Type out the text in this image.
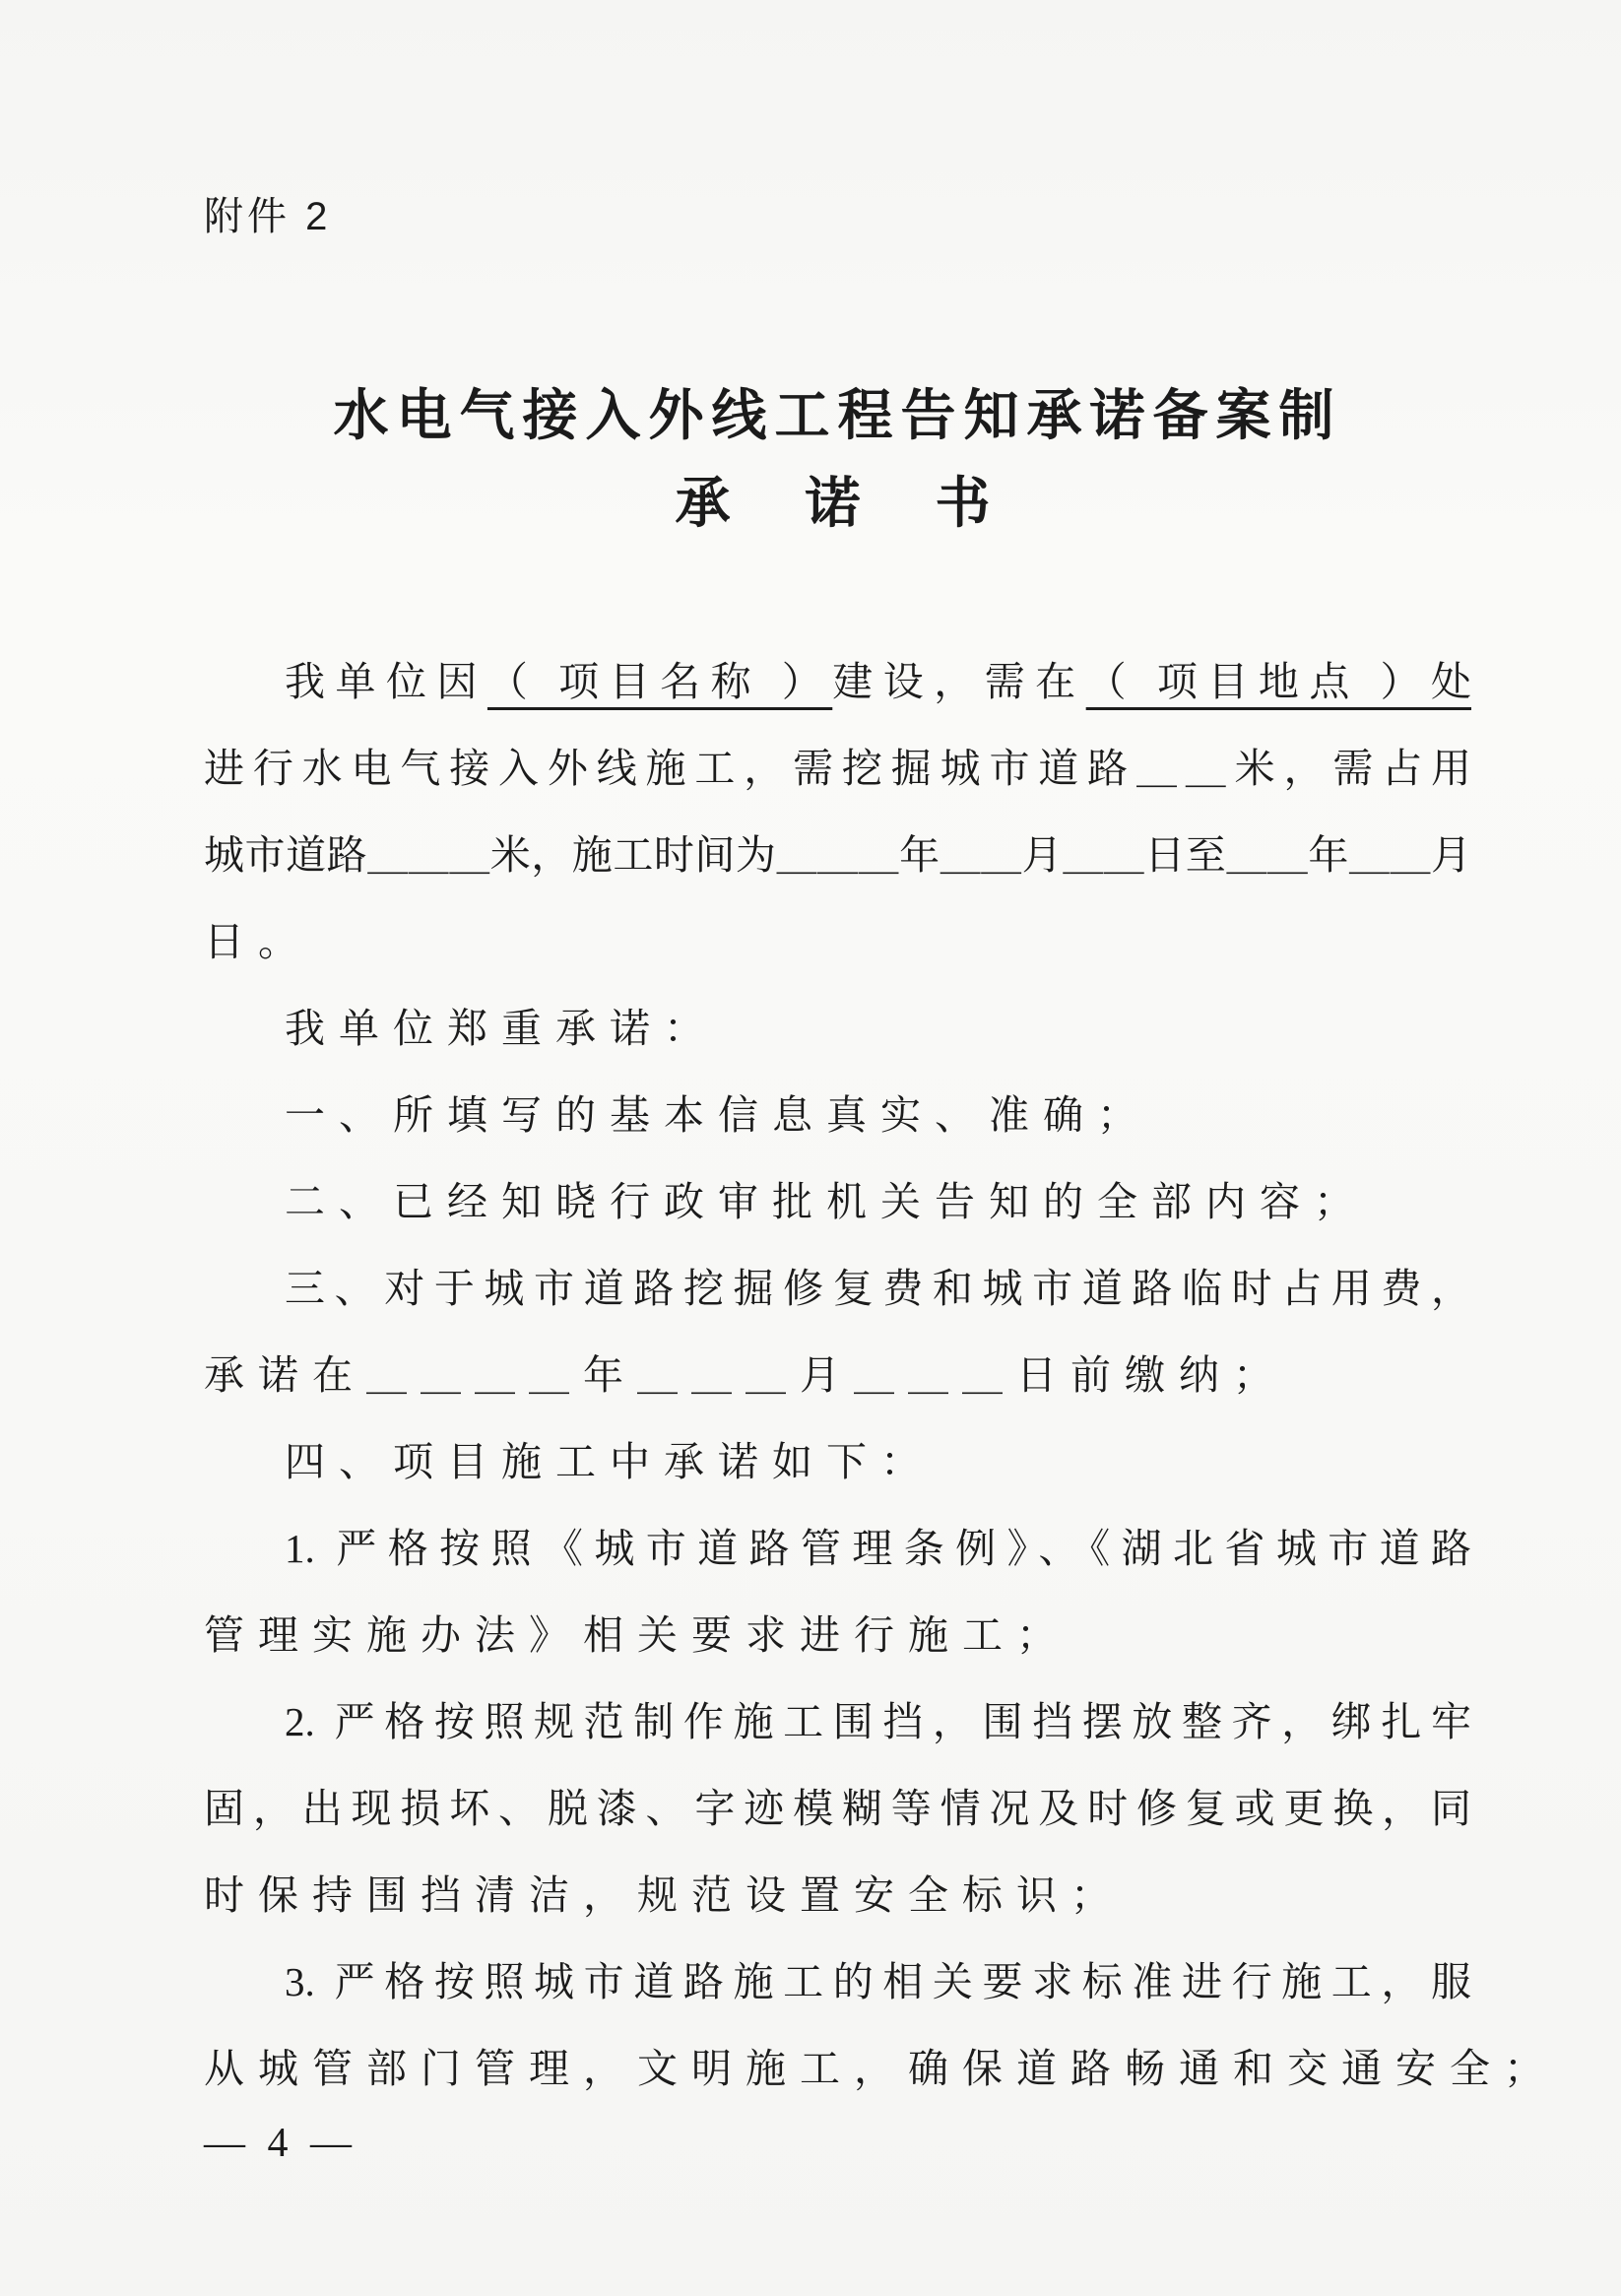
附件 2
水电气接入外线工程告知承诺备案制
承　诺　书

我单位因（ 项目名称 ）建设，需在（ 项目地点 ）处

进行水电气接入外线施工，需挖掘城市道路＿＿米，需占用

城市道路＿＿＿米，施工时间为＿＿＿年＿＿月＿＿日至＿＿年＿＿月

日。

我单位郑重承诺：

一、所填写的基本信息真实、准确；

二、已经知晓行政审批机关告知的全部内容；

三、对于城市道路挖掘修复费和城市道路临时占用费，

承诺在＿＿＿＿年＿＿＿月＿＿＿日前缴纳；

四、项目施工中承诺如下：

1. 严格按照《城市道路管理条例》、《湖北省城市道路

管理实施办法》相关要求进行施工；

2. 严格按照规范制作施工围挡，围挡摆放整齐，绑扎牢

固，出现损坏、脱漆、字迹模糊等情况及时修复或更换，同

时保持围挡清洁，规范设置安全标识；

3. 严格按照城市道路施工的相关要求标准进行施工，服

从城管部门管理，文明施工，确保道路畅通和交通安全；

— 4 —
